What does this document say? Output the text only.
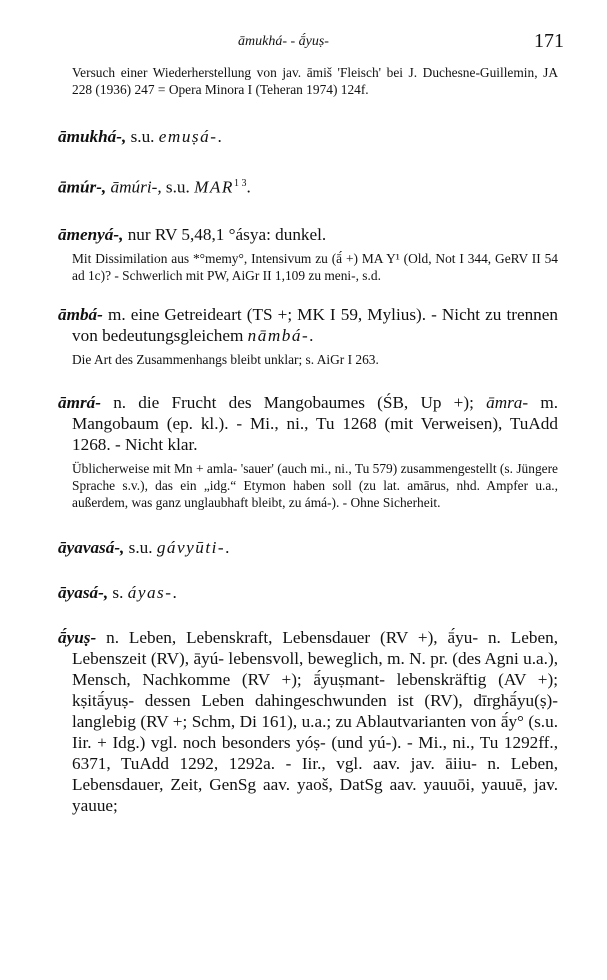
āmukhá- - ā́yuṣ-	171

Versuch einer Wiederherstellung von jav. āmiš 'Fleisch' bei J. Duchesne-Guillemin, JA 228 (1936) 247 = Opera Minora I (Teheran 1974) 124f.

āmukhá-, s.u. emuṣá-.

āmúr-, āmúri-, s.u. $MAR^{1 3}$.

āmenyá-, nur RV 5,48,1 °ásya: dunkel.

Mit Dissimilation aus *°memy°, Intensivum zu (ā́ +) MA Y¹ (Old, Not I 344, GeRV II 54 ad 1c)? - Schwerlich mit PW, AiGr II 1,109 zu meni-, s.d.

āmbá- m. eine Getreideart (TS +; MK I 59, Mylius). - Nicht zu trennen von bedeutungsgleichem nāmbá-.

Die Art des Zusammenhangs bleibt unklar; s. AiGr I 263.

āmrá- n. die Frucht des Mangobaumes (ŚB, Up +); āmra- m. Mangobaum (ep. kl.). - Mi., ni., Tu 1268 (mit Verweisen), TuAdd 1268. - Nicht klar.

Üblicherweise mit Mn + amla- 'sauer' (auch mi., ni., Tu 579) zusammengestellt (s. Jüngere Sprache s.v.), das ein „idg.“ Etymon haben soll (zu lat. amārus, nhd. Ampfer u.a., außerdem, was ganz unglaubhaft bleibt, zu ámá-). - Ohne Sicherheit.

āyavasá-, s.u. gávyūti-.

āyasá-, s. áyas-.

ā́yuṣ- n. Leben, Lebenskraft, Lebensdauer (RV +), ā́yu- n. Leben, Lebenszeit (RV), āyú- lebensvoll, beweglich, m. N. pr. (des Agni u.a.), Mensch, Nachkomme (RV +); ā́yuṣmant- lebenskräftig (AV +); kṣitā́yuṣ- dessen Leben dahingeschwunden ist (RV), dīrghā́yu(ṣ)- langlebig (RV +; Schm, Di 161), u.a.; zu Ablautvarianten von ā́y° (s.u. Iir. + Idg.) vgl. noch besonders yóṣ- (und yú-). - Mi., ni., Tu 1292ff., 6371, TuAdd 1292, 1292a. - Iir., vgl. aav. jav. āiiu- n. Leben, Lebensdauer, Zeit, GenSg aav. yaoš, DatSg aav. yauuōi, yauuē, jav. yauue;
